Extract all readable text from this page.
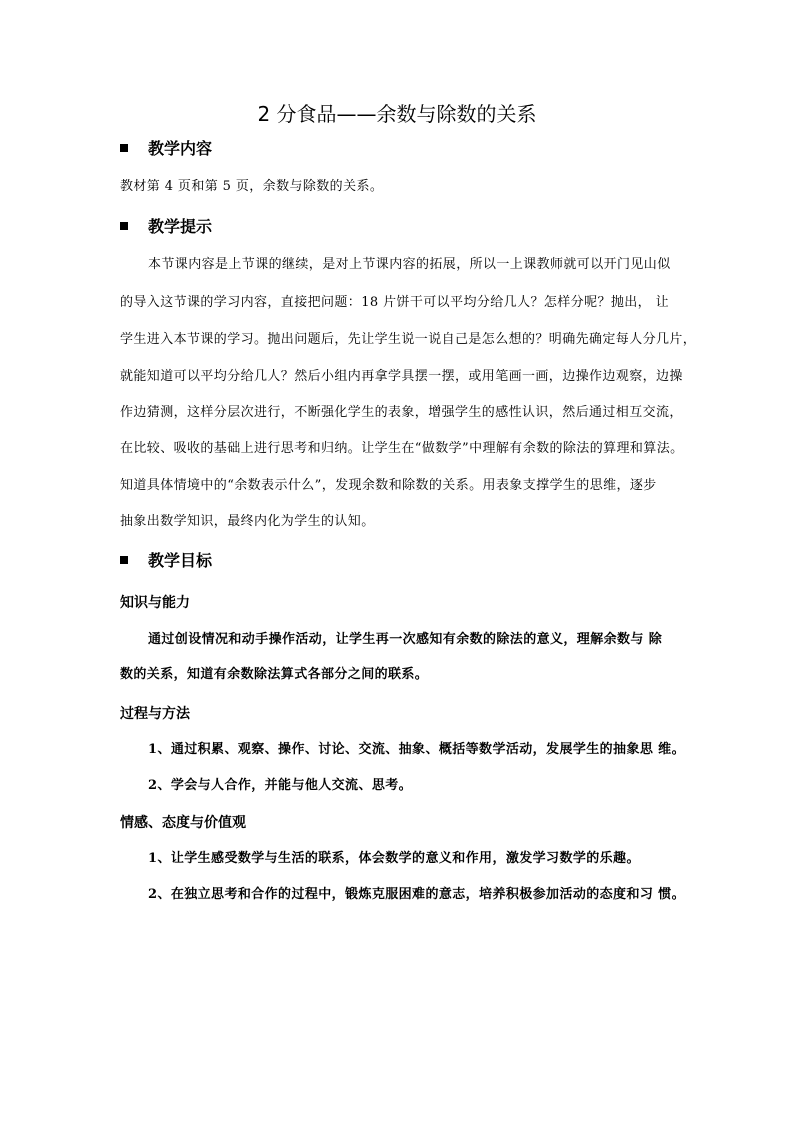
2 分食品——余数与除数的关系
教学内容
教材第 4 页和第 5 页，余数与除数的关系。
教学提示
本节课内容是上节课的继续，是对上节课内容的拓展，所以一上课教师就可以开门见山似
的导入这节课的学习内容，直接把问题：18 片饼干可以平均分给几人？怎样分呢？抛出， 让
学生进入本节课的学习。抛出问题后，先让学生说一说自己是怎么想的？明确先确定每人分几片，
就能知道可以平均分给几人？然后小组内再拿学具摆一摆，或用笔画一画，边操作边观察，边操
作边猜测，这样分层次进行，不断强化学生的表象，增强学生的感性认识，然后通过相互交流，
在比较、吸收的基础上进行思考和归纳。让学生在“做数学”中理解有余数的除法的算理和算法。
知道具体情境中的“余数表示什么”，发现余数和除数的关系。用表象支撑学生的思维，逐步
抽象出数学知识，最终内化为学生的认知。
教学目标
知识与能力
通过创设情况和动手操作活动，让学生再一次感知有余数的除法的意义，理解余数与 除
数的关系，知道有余数除法算式各部分之间的联系。
过程与方法
1、通过积累、观察、操作、讨论、交流、抽象、概括等数学活动，发展学生的抽象思 维。
2、学会与人合作，并能与他人交流、思考。
情感、态度与价值观
1、让学生感受数学与生活的联系，体会数学的意义和作用，激发学习数学的乐趣。
2、在独立思考和合作的过程中，锻炼克服困难的意志，培养积极参加活动的态度和习 惯。
